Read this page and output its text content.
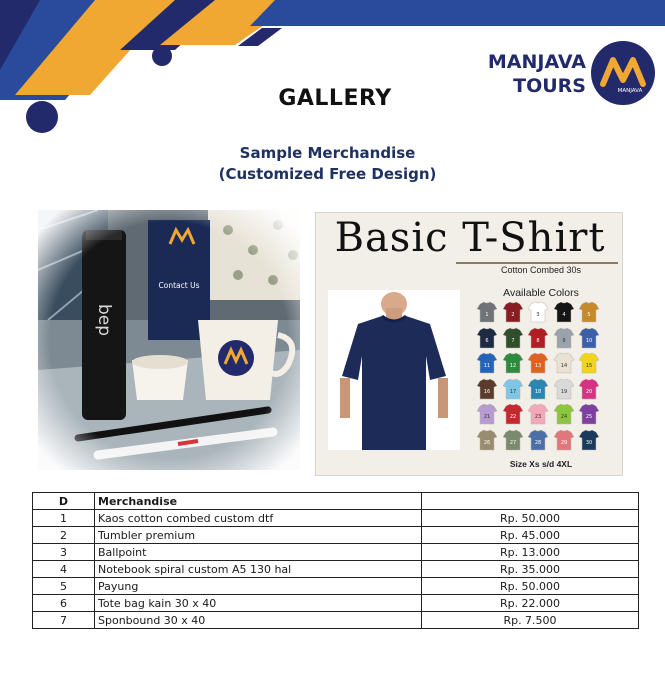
MANJAVA
TOURS	MANJAVA
GALLERY
Sample Merchandise
(Customized Free Design)
Basic T-Shirt
Cotton Combed 30s
Available Colors
1	2	3	4	5
6	7	8	9	10
11	12	13	14	15
16	17	18	19	20
21	22	23	24	25
26	27	28	29	30
Size Xs s/d 4XL
D	Merchandise	
1	Kaos cotton combed custom dtf	Rp. 50.000
2	Tumbler premium	Rp. 45.000
3	Ballpoint	Rp. 13.000
4	Notebook spiral custom A5 130 hal	Rp. 35.000
5	Payung	Rp. 50.000
6	Tote bag kain 30 x 40	Rp. 22.000
7	Sponbound 30 x 40	Rp. 7.500
